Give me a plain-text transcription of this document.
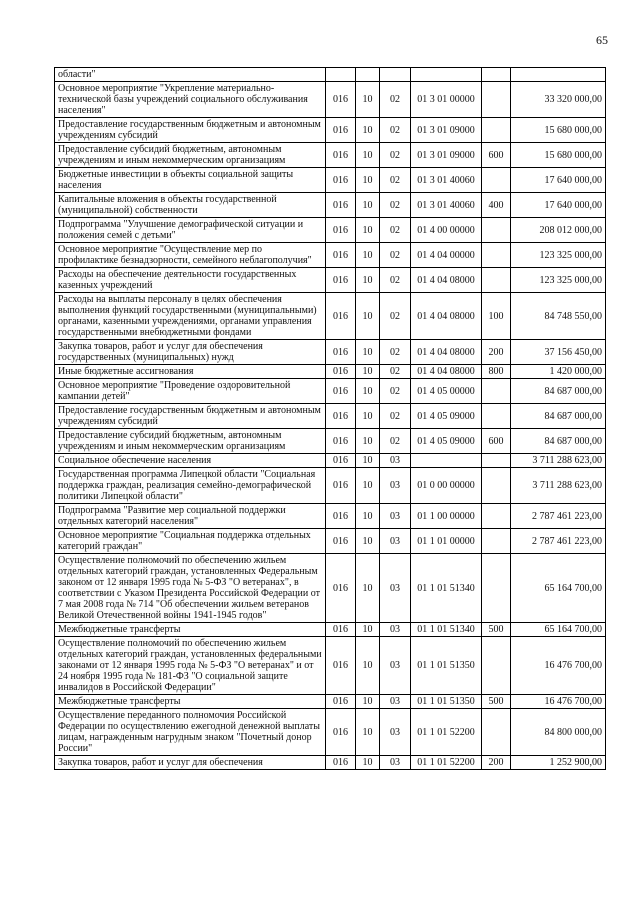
65
области"						
Основное мероприятие "Укрепление материально-технической базы учреждений социального обслуживания населения"	016	10	02	01 3 01 00000		33 320 000,00
Предоставление государственным бюджетным и автономным учреждениям субсидий	016	10	02	01 3 01 09000		15 680 000,00
Предоставление субсидий бюджетным, автономным учреждениям и иным некоммерческим организациям	016	10	02	01 3 01 09000	600	15 680 000,00
Бюджетные инвестиции в объекты социальной защиты населения	016	10	02	01 3 01 40060		17 640 000,00
Капитальные вложения в объекты государственной (муниципальной) собственности	016	10	02	01 3 01 40060	400	17 640 000,00
Подпрограмма "Улучшение демографической ситуации и положения семей с детьми"	016	10	02	01 4 00 00000		208 012 000,00
Основное мероприятие "Осуществление мер по профилактике безнадзорности, семейного неблагополучия"	016	10	02	01 4 04 00000		123 325 000,00
Расходы на обеспечение деятельности государственных казенных учреждений	016	10	02	01 4 04 08000		123 325 000,00
Расходы на выплаты персоналу в целях обеспечения выполнения функций государственными (муниципальными) органами, казенными учреждениями, органами управления государственными внебюджетными фондами	016	10	02	01 4 04 08000	100	84 748 550,00
Закупка товаров, работ и услуг для обеспечения государственных (муниципальных) нужд	016	10	02	01 4 04 08000	200	37 156 450,00
Иные бюджетные ассигнования	016	10	02	01 4 04 08000	800	1 420 000,00
Основное мероприятие "Проведение оздоровительной кампании детей"	016	10	02	01 4 05 00000		84 687 000,00
Предоставление государственным бюджетным и автономным учреждениям субсидий	016	10	02	01 4 05 09000		84 687 000,00
Предоставление субсидий бюджетным, автономным учреждениям и иным некоммерческим организациям	016	10	02	01 4 05 09000	600	84 687 000,00
Социальное обеспечение населения	016	10	03			3 711 288 623,00
Государственная программа Липецкой области "Социальная поддержка граждан, реализация семейно-демографической политики Липецкой области"	016	10	03	01 0 00 00000		3 711 288 623,00
Подпрограмма "Развитие мер социальной поддержки отдельных категорий населения"	016	10	03	01 1 00 00000		2 787 461 223,00
Основное мероприятие "Социальная поддержка отдельных категорий граждан"	016	10	03	01 1 01 00000		2 787 461 223,00
Осуществление полномочий по обеспечению жильем отдельных категорий граждан, установленных Федеральным законом от 12 января 1995 года № 5-ФЗ "О ветеранах", в соответствии с Указом Президента Российской Федерации от 7 мая 2008 года № 714 "Об обеспечении жильем ветеранов Великой Отечественной войны 1941-1945 годов"	016	10	03	01 1 01 51340		65 164 700,00
Межбюджетные трансферты	016	10	03	01 1 01 51340	500	65 164 700,00
Осуществление полномочий по обеспечению жильем отдельных категорий граждан, установленных федеральными законами от 12 января 1995 года № 5-ФЗ "О ветеранах" и от 24 ноября 1995 года № 181-ФЗ "О социальной защите инвалидов в Российской Федерации"	016	10	03	01 1 01 51350		16 476 700,00
Межбюджетные трансферты	016	10	03	01 1 01 51350	500	16 476 700,00
Осуществление переданного полномочия Российской Федерации по осуществлению ежегодной денежной выплаты лицам, награжденным нагрудным знаком "Почетный донор России"	016	10	03	01 1 01 52200		84 800 000,00
Закупка товаров, работ и услуг для обеспечения	016	10	03	01 1 01 52200	200	1 252 900,00
